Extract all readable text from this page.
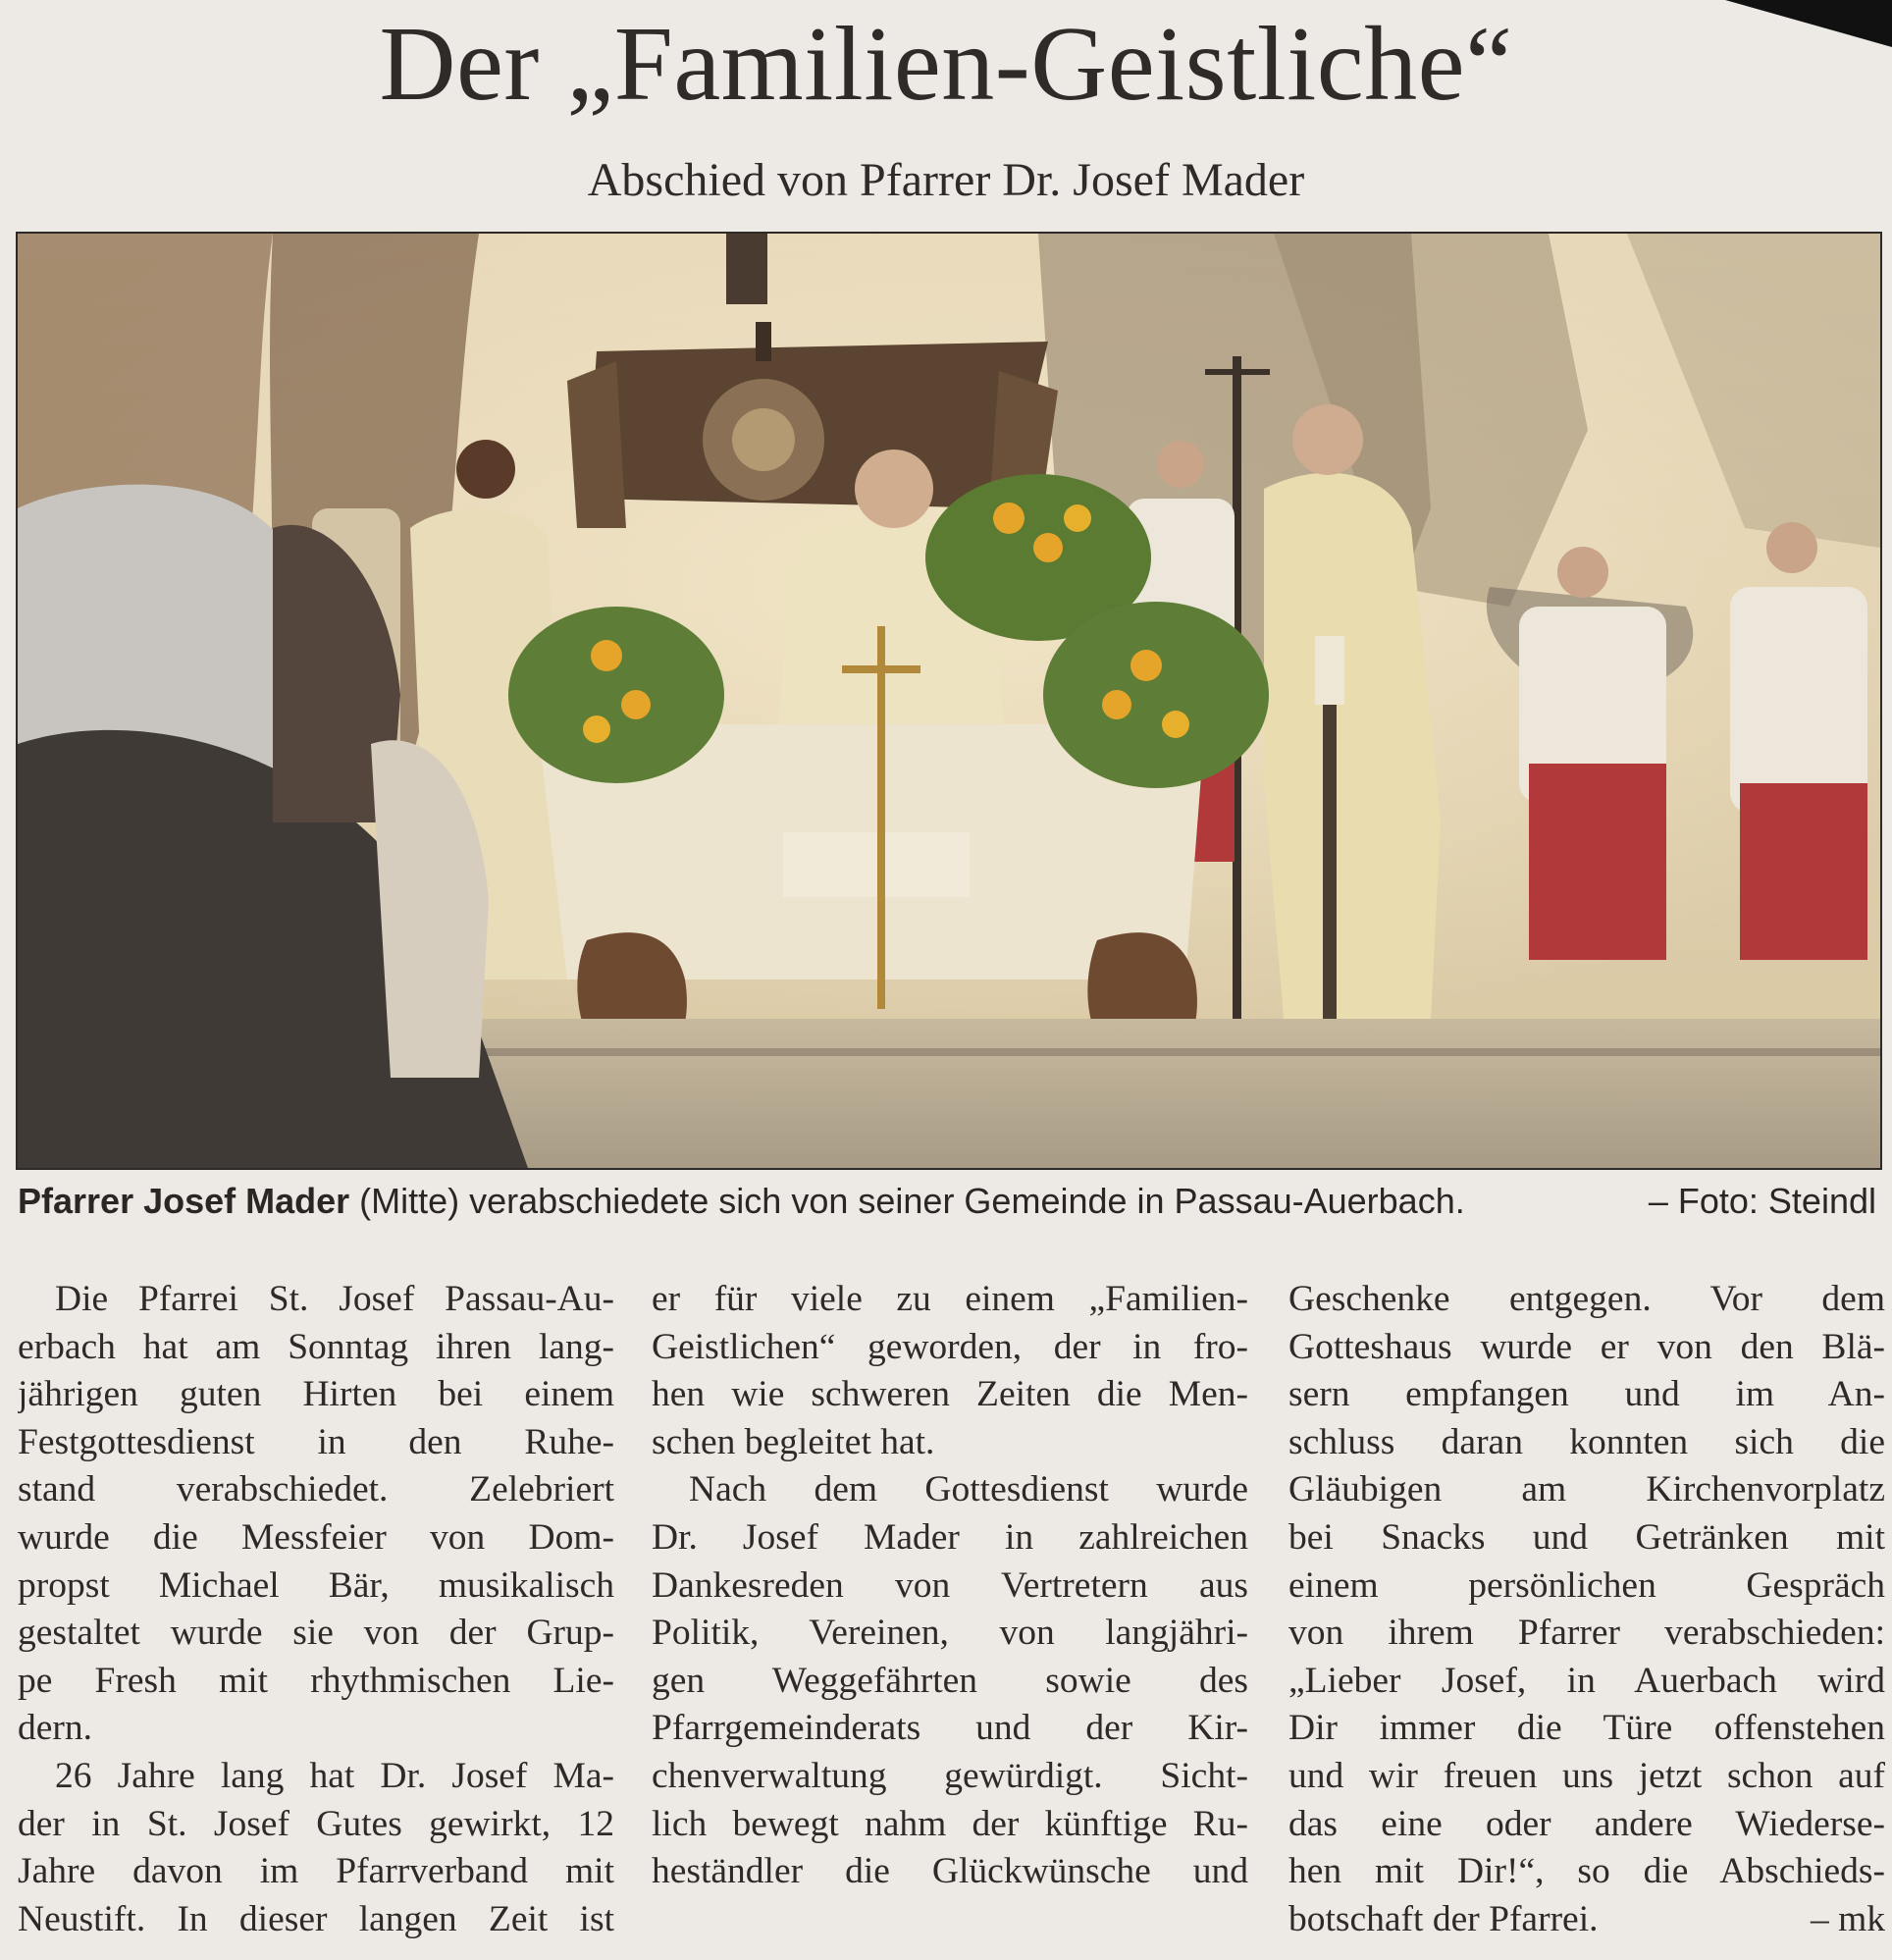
Der „Familien-Geistliche“
Abschied von Pfarrer Dr. Josef Mader
Pfarrer Josef Mader (Mitte) verabschiedete sich von seiner Gemeinde in Passau-Auerbach.	– Foto: Steindl
Die Pfarrei St. Josef Passau-Au-
erbach hat am Sonntag ihren lang-
jährigen guten Hirten bei einem
Festgottesdienst in den Ruhe-
stand verabschiedet. Zelebriert
wurde die Messfeier von Dom-
propst Michael Bär, musikalisch
gestaltet wurde sie von der Grup-
pe Fresh mit rhythmischen Lie-
dern.
26 Jahre lang hat Dr. Josef Ma-
der in St. Josef Gutes gewirkt, 12
Jahre davon im Pfarrverband mit
Neustift. In dieser langen Zeit ist
er für viele zu einem „Familien-
Geistlichen“ geworden, der in fro-
hen wie schweren Zeiten die Men-
schen begleitet hat.
Nach dem Gottesdienst wurde
Dr. Josef Mader in zahlreichen
Dankesreden von Vertretern aus
Politik, Vereinen, von langjähri-
gen Weggefährten sowie des
Pfarrgemeinderats und der Kir-
chenverwaltung gewürdigt. Sicht-
lich bewegt nahm der künftige Ru-
heständler die Glückwünsche und
Geschenke entgegen. Vor dem
Gotteshaus wurde er von den Blä-
sern empfangen und im An-
schluss daran konnten sich die
Gläubigen am Kirchenvorplatz
bei Snacks und Getränken mit
einem persönlichen Gespräch
von ihrem Pfarrer verabschieden:
„Lieber Josef, in Auerbach wird
Dir immer die Türe offenstehen
und wir freuen uns jetzt schon auf
das eine oder andere Wiederse-
hen mit Dir!“, so die Abschieds-
botschaft der Pfarrei.	– mk
